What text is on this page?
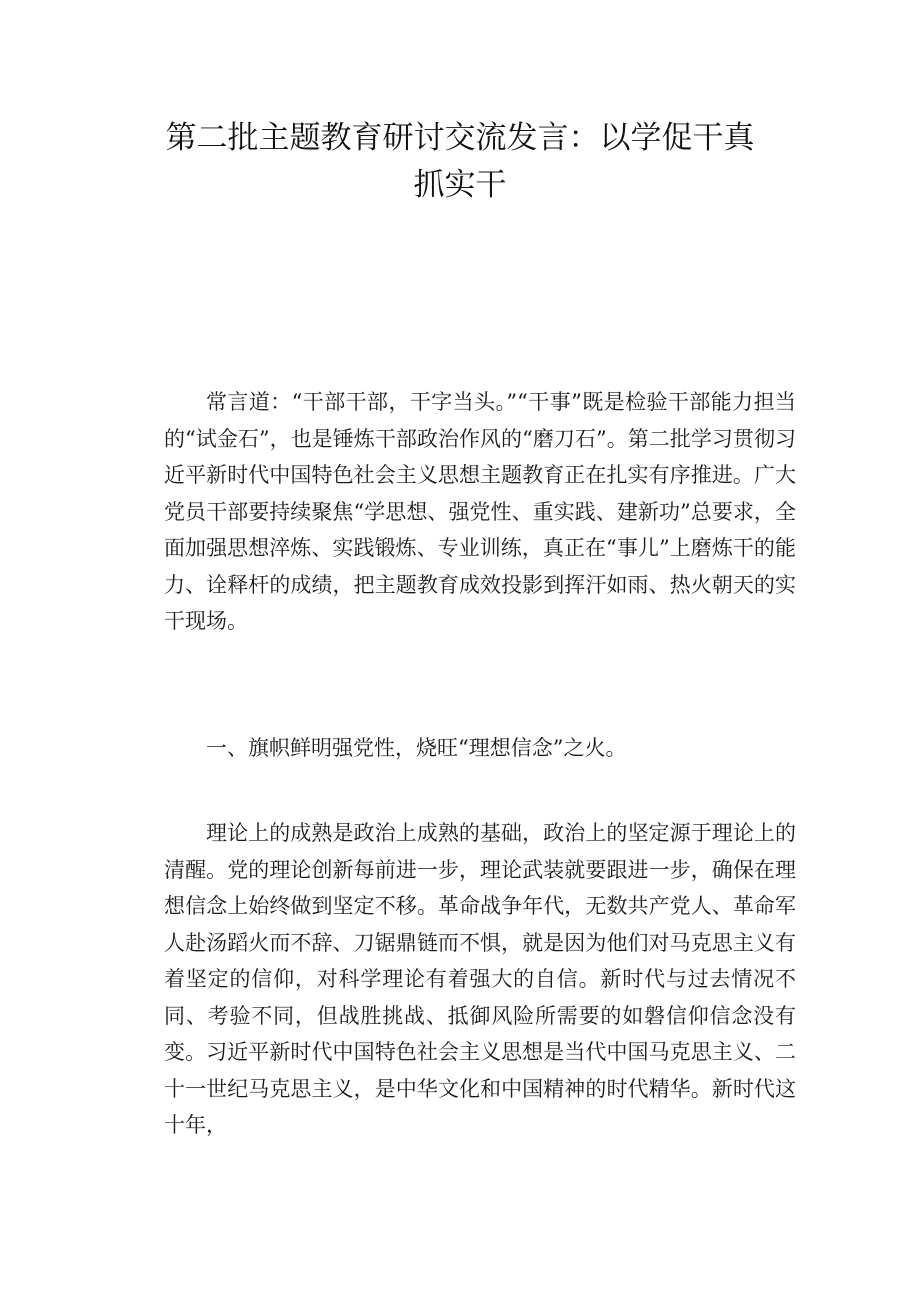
第二批主题教育研讨交流发言：以学促干真
抓实干

常言道：“干部干部，干字当头。”“干事”既是检验干部能力担当的“试金石”，也是锤炼干部政治作风的“磨刀石”。第二批学习贯彻习近平新时代中国特色社会主义思想主题教育正在扎实有序推进。广大党员干部要持续聚焦“学思想、强党性、重实践、建新功”总要求，全面加强思想淬炼、实践锻炼、专业训练，真正在“事儿”上磨炼干的能力、诠释杆的成绩，把主题教育成效投影到挥汗如雨、热火朝天的实干现场。

一、旗帜鲜明强党性，烧旺“理想信念”之火。

理论上的成熟是政治上成熟的基础，政治上的坚定源于理论上的清醒。党的理论创新每前进一步，理论武装就要跟进一步，确保在理想信念上始终做到坚定不移。革命战争年代，无数共产党人、革命军人赴汤蹈火而不辞、刀锯鼎链而不惧，就是因为他们对马克思主义有着坚定的信仰，对科学理论有着强大的自信。新时代与过去情况不同、考验不同，但战胜挑战、抵御风险所需要的如磐信仰信念没有变。习近平新时代中国特色社会主义思想是当代中国马克思主义、二十一世纪马克思主义，是中华文化和中国精神的时代精华。新时代这十年，
